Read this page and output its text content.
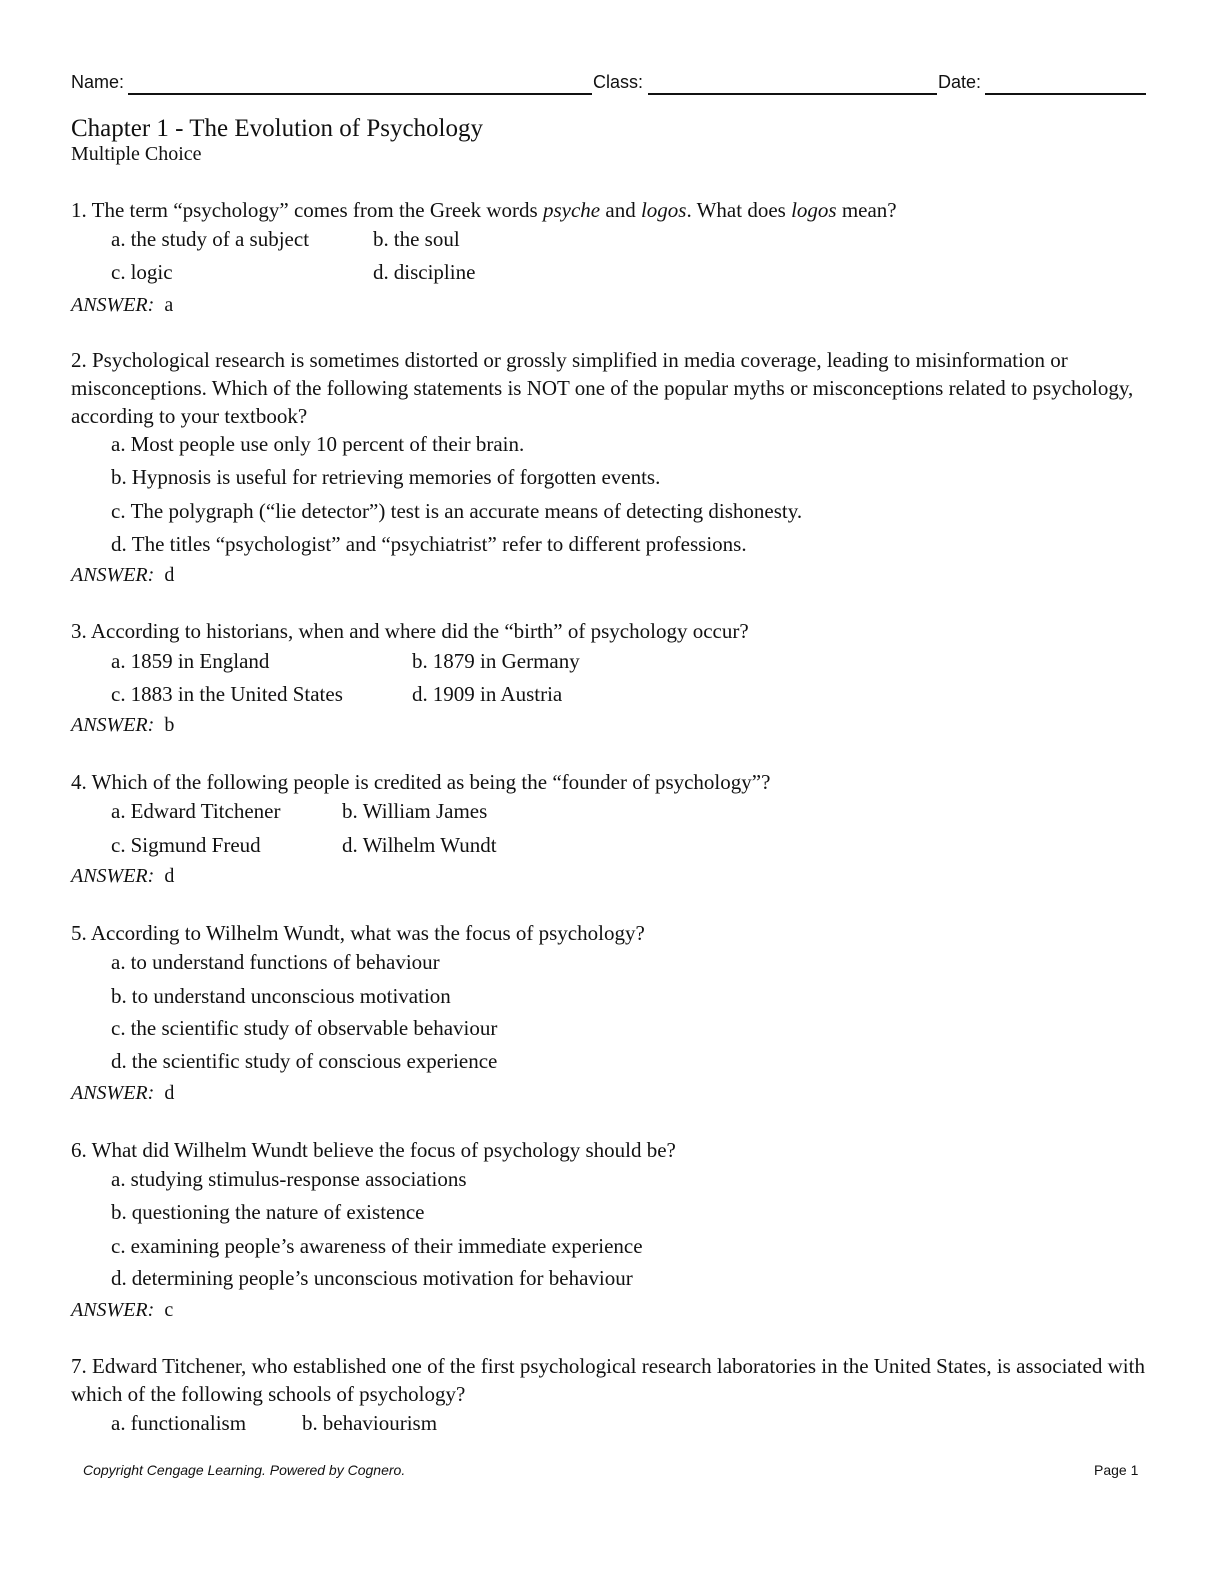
Name:	Class:	Date:
Chapter 1 - The Evolution of Psychology
Multiple Choice
1. The term “psychology” comes from the Greek words psyche and logos. What does logos mean?
a. the study of a subject	b. the soul
c. logic	d. discipline
ANSWER: a
2. Psychological research is sometimes distorted or grossly simplified in media coverage, leading to misinformation or misconceptions. Which of the following statements is NOT one of the popular myths or misconceptions related to psychology, according to your textbook?
a. Most people use only 10 percent of their brain.
b. Hypnosis is useful for retrieving memories of forgotten events.
c. The polygraph (“lie detector”) test is an accurate means of detecting dishonesty.
d. The titles “psychologist” and “psychiatrist” refer to different professions.
ANSWER: d
3. According to historians, when and where did the “birth” of psychology occur?
a. 1859 in England	b. 1879 in Germany
c. 1883 in the United States	d. 1909 in Austria
ANSWER: b
4. Which of the following people is credited as being the “founder of psychology”?
a. Edward Titchener	b. William James
c. Sigmund Freud	d. Wilhelm Wundt
ANSWER: d
5. According to Wilhelm Wundt, what was the focus of psychology?
a. to understand functions of behaviour
b. to understand unconscious motivation
c. the scientific study of observable behaviour
d. the scientific study of conscious experience
ANSWER: d
6. What did Wilhelm Wundt believe the focus of psychology should be?
a. studying stimulus-response associations
b. questioning the nature of existence
c. examining people’s awareness of their immediate experience
d. determining people’s unconscious motivation for behaviour
ANSWER: c
7. Edward Titchener, who established one of the first psychological research laboratories in the United States, is associated with which of the following schools of psychology?
a. functionalism	b. behaviourism
Copyright Cengage Learning. Powered by Cognero.	Page 1
